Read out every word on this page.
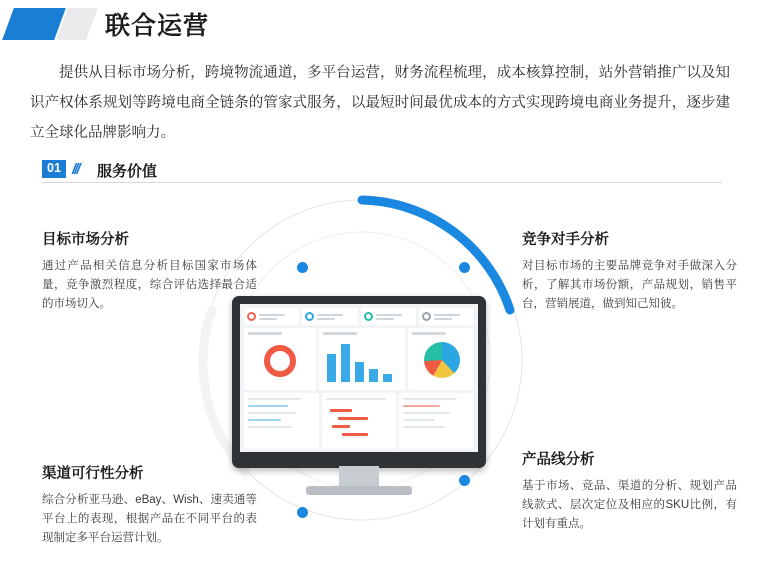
联合运营
提供从目标市场分析，跨境物流通道，多平台运营，财务流程梳理，成本核算控制，站外营销推广以及知识产权体系规划等跨境电商全链条的管家式服务，以最短时间最优成本的方式实现跨境电商业务提升，逐步建立全球化品牌影响力。
01 /// 服务价值
目标市场分析

通过产品相关信息分析目标国家市场体量，竞争激烈程度，综合评估选择最合适的市场切入。

竞争对手分析

对目标市场的主要品牌竞争对手做深入分析，了解其市场份额，产品规划，销售平台，营销展道，做到知己知彼。

渠道可行性分析

综合分析亚马逊、eBay、Wish、速卖通等平台上的表现，根据产品在不同平台的表现制定多平台运营计划。

产品线分析

基于市场、竞品、渠道的分析、规划产品线款式、层次定位及相应的SKU比例，有计划有重点。
